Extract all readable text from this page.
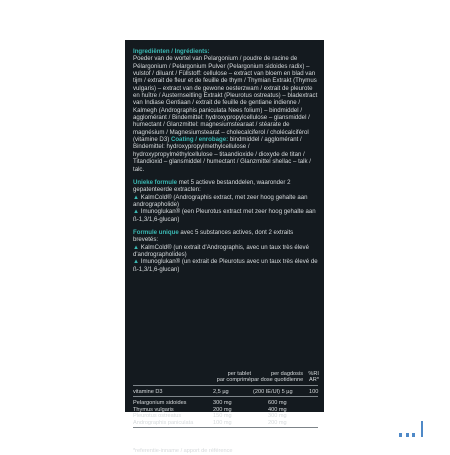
Ingrediënten / Ingrédients:
Poeder van de wortel van Pelargonium / poudre de racine de Pélargonium / Pelargonium Pulver (Pelargonium sidoides radix) – vulstof / diluant / Füllstoff: cellulose – extract van bloem en blad van tijm / extrait de fleur et de feuille de thym / Thymian Extrakt (Thymus vulgaris) – extract van de gewone oesterzwam / extrait de pleurote en huître / Austernseitling Extrakt (Pleurotus ostreatus) – bladextract van Indiase Gentiaan / extrait de feuille de gentiane indienne / Kalmegh (Andrographis paniculata Nees folium) – bindmiddel / agglomérant / Bindemittel: hydroxypropylcellulose – glansmiddel / humectant / Glanzmittel: magnesiumstearaat / stéarate de magnésium / Magnesiumstearat – cholecalciferol / cholécalciférol (vitamine D3) Coating / enrobage: bindmiddel / agglomérant / Bindemittel: hydroxypropylmethylcellulose / hydroxypropylméthylcellulose – titaandioxide / dioxyde de titan / Titandioxid – glansmiddel / humectant / Glanzmittel shellac – talk / talc.

Unieke formule met 5 actieve bestanddelen, waaronder 2 gepatenteerde extracten:
▲ KalmCold® (Andrographis extract, met zeer hoog gehalte aan andrographolide)
▲ Imunoglukan® (een Pleurotus extract met zeer hoog gehalte aan ß-1,3/1,6-glucan)

Formule unique avec 5 substances actives, dont 2 extraits brevetés:
▲ KalmCold® (un extrait d'Andrographis, avec un taux très élevé d'andrographolides)
▲ Imunoglukan® (un extrait de Pleurotus avec un taux très élevé de ß-1,3/1,6-glucan)

per tablet
par comprimé
per dagdosis
par dose quotidienne
%RI
AR*
vitamine D3	2,5 µg	(200 IE/UI) 5 µg	100
Pelargonium sidoides	300 mg	600 mg
Thymus vulgaris	200 mg	400 mg
Pleurotus ostreatus	150 mg	300 mg
Andrographis paniculata	100 mg	200 mg
*referentie-inname / apport de référence
